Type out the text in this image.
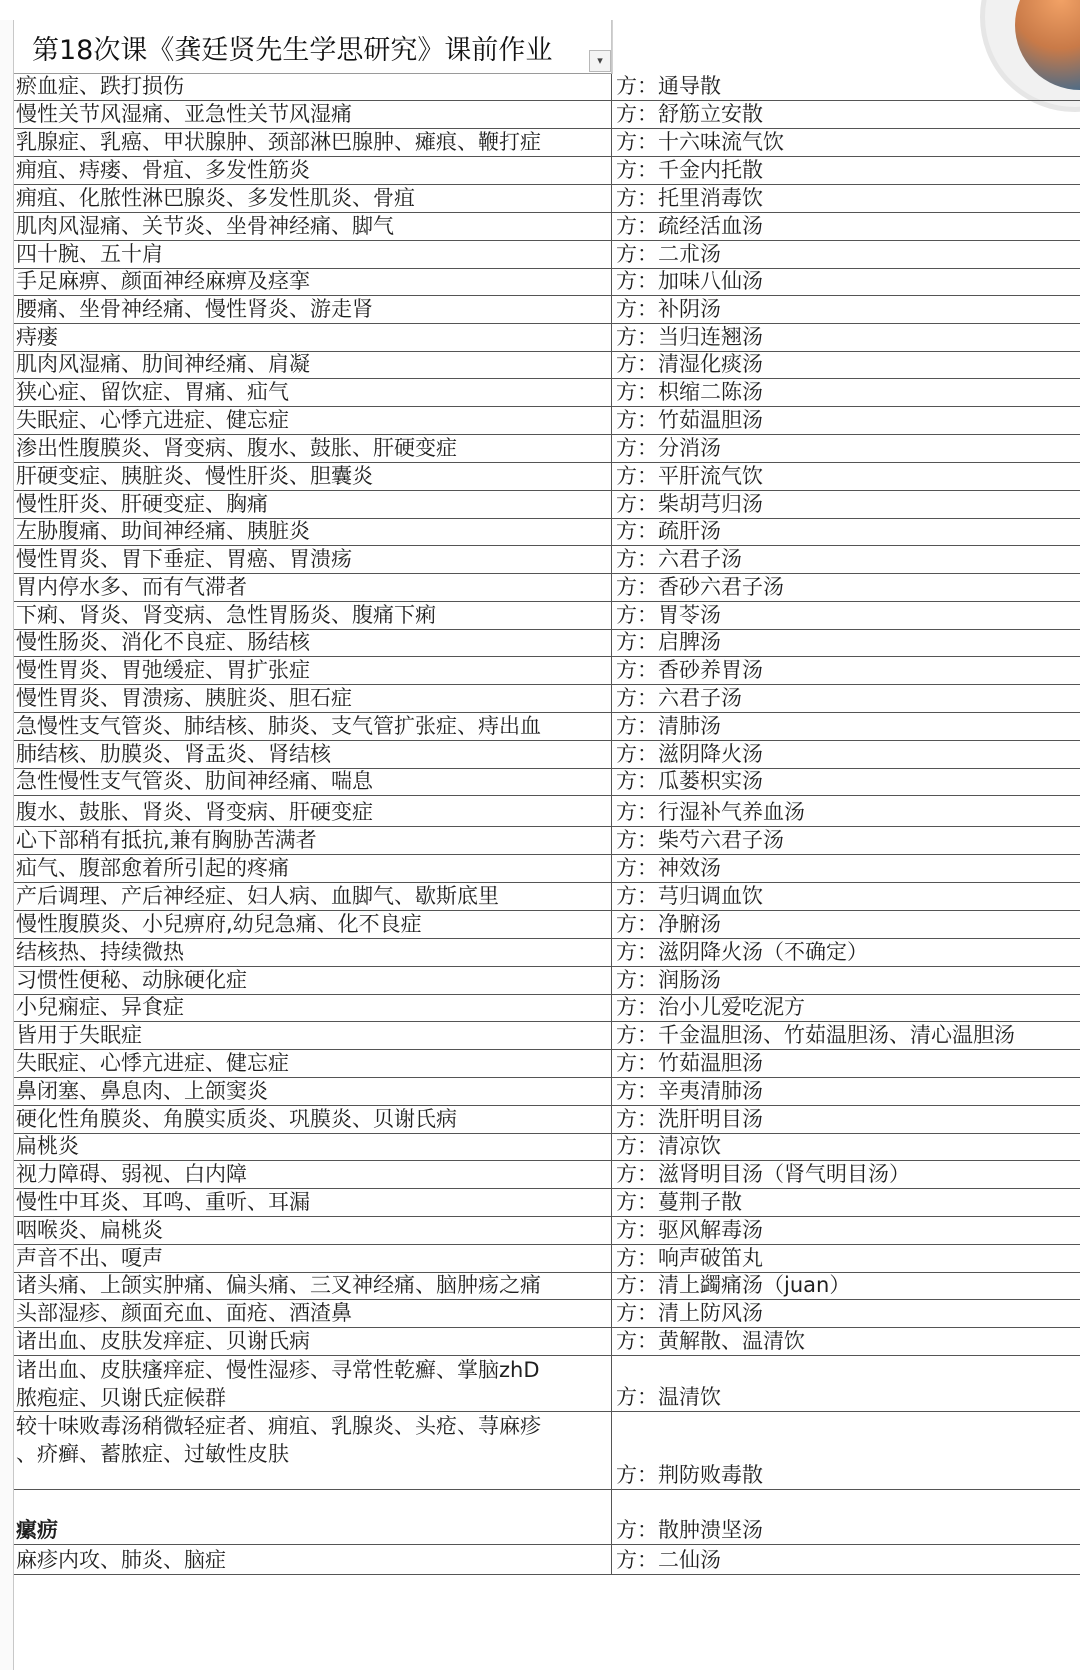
第18次课《龚廷贤先生学思研究》课前作业	▾
瘀血症、跌打损伤	方：通导散
慢性关节风湿痛、亚急性关节风湿痛	方：舒筋立安散
乳腺症、乳癌、甲状腺肿、颈部淋巴腺肿、瘫痕、鞭打症	方：十六味流气饮
痈疽、痔瘘、骨疽、多发性筋炎	方：千金内托散
痈疽、化脓性淋巴腺炎、多发性肌炎、骨疽	方：托里消毒饮
肌肉风湿痛、关节炎、坐骨神经痛、脚气	方：疏经活血汤
四十腕、五十肩	方：二朮汤
手足麻痹、颜面神经麻痹及痉挛	方：加味八仙汤
腰痛、坐骨神经痛、慢性肾炎、游走肾	方：补阴汤
痔瘘	方：当归连翘汤
肌肉风湿痛、肋间神经痛、肩凝	方：清湿化痰汤
狭心症、留饮症、胃痛、疝气	方：枳缩二陈汤
失眠症、心悸亢进症、健忘症	方：竹茹温胆汤
渗出性腹膜炎、肾变病、腹水、鼓胀、肝硬变症	方：分消汤
肝硬变症、胰脏炎、慢性肝炎、胆囊炎	方：平肝流气饮
慢性肝炎、肝硬变症、胸痛	方：柴胡芎归汤
左胁腹痛、助间神经痛、胰脏炎	方：疏肝汤
慢性胃炎、胃下垂症、胃癌、胃溃疡	方：六君子汤
胃内停水多、而有气滞者	方：香砂六君子汤
下痢、肾炎、肾变病、急性胃肠炎、腹痛下痢	方：胃苓汤
慢性肠炎、消化不良症、肠结核	方：启脾汤
慢性胃炎、胃弛缓症、胃扩张症	方：香砂养胃汤
慢性胃炎、胃溃疡、胰脏炎、胆石症	方：六君子汤
急慢性支气管炎、肺结核、肺炎、支气管扩张症、痔出血	方：清肺汤
肺结核、肋膜炎、肾盂炎、肾结核	方：滋阴降火汤
急性慢性支气管炎、肋间神经痛、喘息	方：瓜蒌枳实汤
腹水、鼓胀、肾炎、肾变病、肝硬变症	方：行湿补气养血汤
心下部稍有抵抗,兼有胸胁苦满者	方：柴芍六君子汤
疝气、腹部愈着所引起的疼痛	方：神效汤
产后调理、产后神经症、妇人病、血脚气、歇斯底里	方：芎归调血饮
慢性腹膜炎、小兒痹府,幼兒急痛、化不良症	方：净腑汤
结核热、持续微热	方：滋阴降火汤（不确定）
习惯性便秘、动脉硬化症	方：润肠汤
小兒痫症、异食症	方：治小儿爱吃泥方
皆用于失眠症	方：千金温胆汤、竹茹温胆汤、清心温胆汤
失眠症、心悸亢进症、健忘症	方：竹茹温胆汤
鼻闭塞、鼻息肉、上颌窦炎	方：辛夷清肺汤
硬化性角膜炎、角膜实质炎、巩膜炎、贝谢氏病	方：洗肝明目汤
扁桃炎	方：清凉饮
视力障碍、弱视、白内障	方：滋肾明目汤（肾气明目汤）
慢性中耳炎、耳鸣、重听、耳漏	方：蔓荆子散
咽喉炎、扁桃炎	方：驱风解毒汤
声音不出、嗄声	方：响声破笛丸
诸头痛、上颌实肿痛、偏头痛、三叉神经痛、脑肿疡之痛	方：清上蠲痛汤（juan）
头部湿疹、颜面充血、面疮、酒渣鼻	方：清上防风汤
诸出血、皮肤发痒症、贝谢氏病	方：黄解散、温清饮
诸出血、皮肤瘙痒症、慢性湿疹、寻常性乾癬、掌脑zhD
脓疱症、贝谢氏症候群	方：温清饮
较十味败毒汤稍微轻症者、痈疽、乳腺炎、头疮、荨麻疹
、疥癣、蓄脓症、过敏性皮肤
方：荆防败毒散
瘰疬	方：散肿溃坚汤
麻疹内攻、肺炎、脑症	方：二仙汤
